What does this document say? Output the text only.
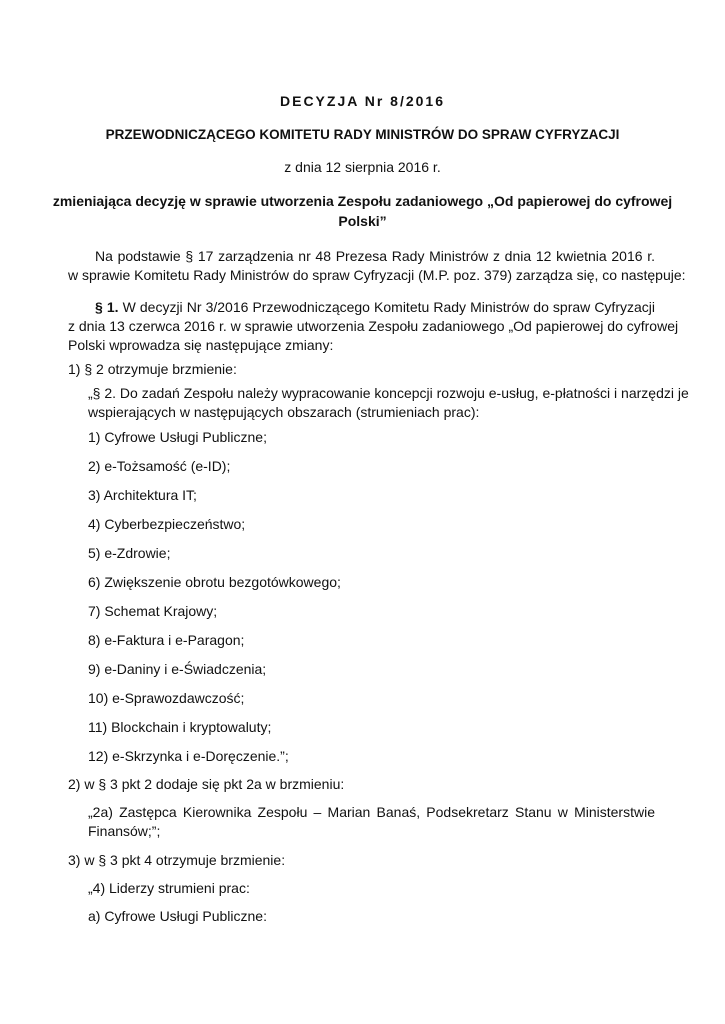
DECYZJA Nr 8/2016
PRZEWODNICZĄCEGO KOMITETU RADY MINISTRÓW DO SPRAW CYFRYZACJI
z dnia 12 sierpnia 2016 r.
zmieniająca decyzję w sprawie utworzenia Zespołu zadaniowego „Od papierowej do cyfrowej
Polski”
Na podstawie § 17 zarządzenia nr 48 Prezesa Rady Ministrów z dnia 12 kwietnia 2016 r.
w sprawie Komitetu Rady Ministrów do spraw Cyfryzacji (M.P. poz. 379) zarządza się, co następuje:
§ 1. W decyzji Nr 3/2016 Przewodniczącego Komitetu Rady Ministrów do spraw Cyfryzacji
z dnia 13 czerwca 2016 r. w sprawie utworzenia Zespołu zadaniowego „Od papierowej do cyfrowej
Polski wprowadza się następujące zmiany:
1) § 2 otrzymuje brzmienie:
„§ 2. Do zadań Zespołu należy wypracowanie koncepcji rozwoju e-usług, e-płatności i narzędzi je
wspierających w następujących obszarach (strumieniach prac):
1) Cyfrowe Usługi Publiczne;
2) e-Tożsamość (e-ID);
3) Architektura IT;
4) Cyberbezpieczeństwo;
5) e-Zdrowie;
6) Zwiększenie obrotu bezgotówkowego;
7) Schemat Krajowy;
8) e-Faktura i e-Paragon;
9) e-Daniny i e-Świadczenia;
10) e-Sprawozdawczość;
11) Blockchain i kryptowaluty;
12) e-Skrzynka i e-Doręczenie.”;
2) w § 3 pkt 2 dodaje się pkt 2a w brzmieniu:
„2a) Zastępca Kierownika Zespołu – Marian Banaś, Podsekretarz Stanu w Ministerstwie
Finansów;”;
3) w § 3 pkt 4 otrzymuje brzmienie:
„4) Liderzy strumieni prac:
a) Cyfrowe Usługi Publiczne:
